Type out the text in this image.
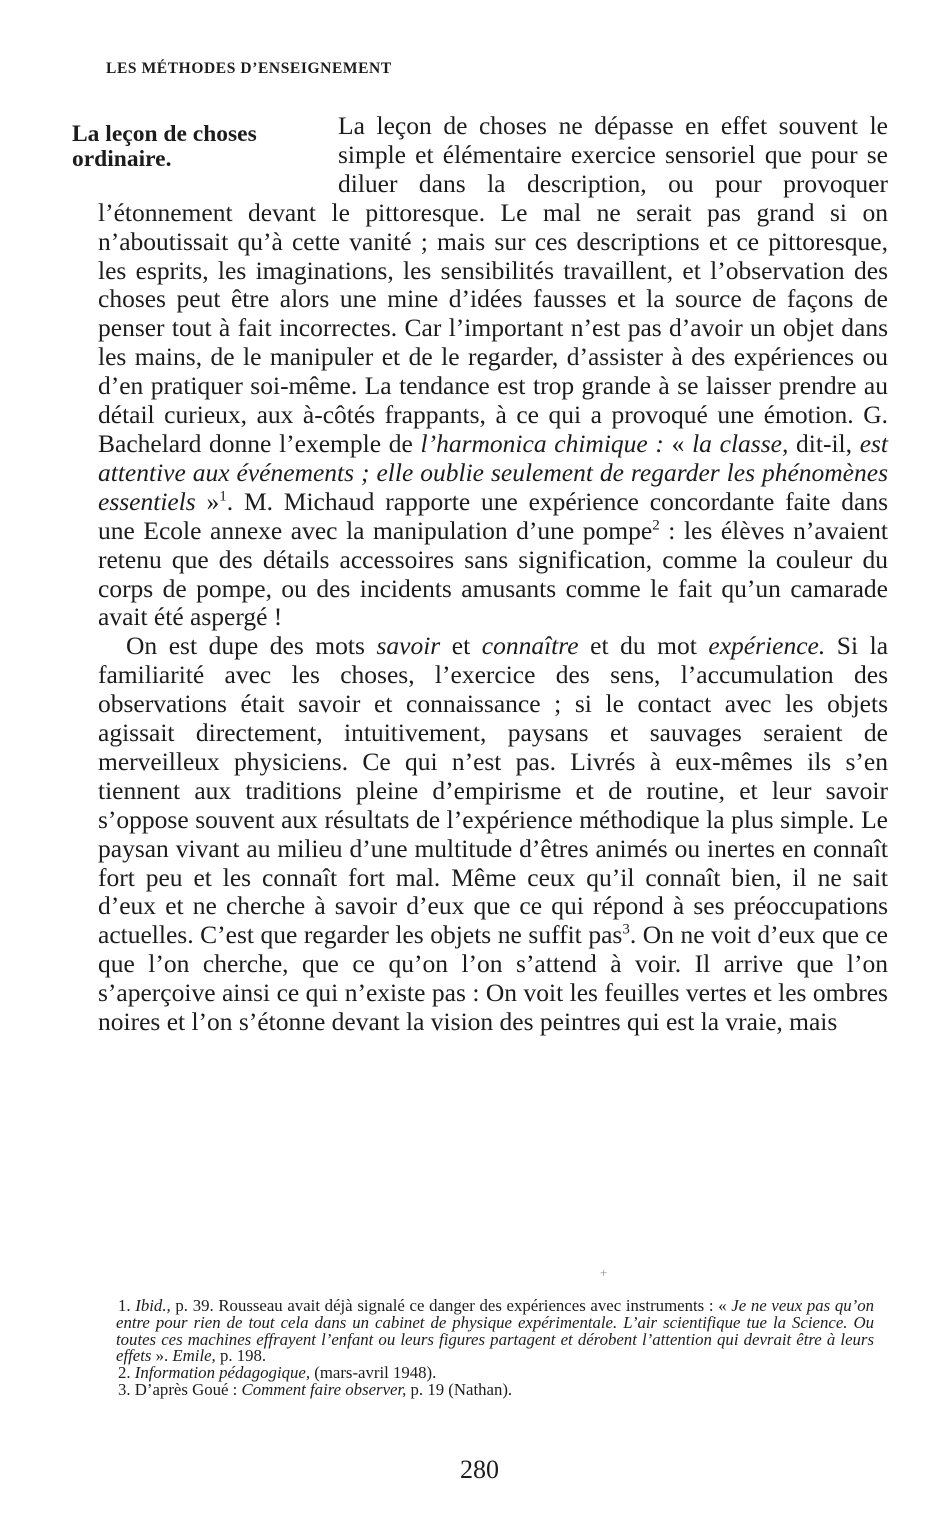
LES MÉTHODES D’ENSEIGNEMENT
La leçon de choses ordinaire.

La leçon de choses ne dépasse en effet souvent le simple et élémentaire exercice sensoriel que pour se diluer dans la description, ou pour provoquer l’étonnement devant le pittoresque. Le mal ne serait pas grand si on n’aboutissait qu’à cette vanité ; mais sur ces descriptions et ce pittoresque, les esprits, les imaginations, les sensibilités travaillent, et l’observation des choses peut être alors une mine d’idées fausses et la source de façons de penser tout à fait incorrectes. Car l’important n’est pas d’avoir un objet dans les mains, de le manipuler et de le regarder, d’assister à des expériences ou d’en pratiquer soi-même. La tendance est trop grande à se laisser prendre au détail curieux, aux à-côtés frappants, à ce qui a provoqué une émotion. G. Bachelard donne l’exemple de l’harmonica chimique : « la classe, dit-il, est attentive aux événements ; elle oublie seulement de regarder les phénomènes essentiels »$^1$. M. Michaud rapporte une expérience concordante faite dans une Ecole annexe avec la manipulation d’une pompe$^2$ : les élèves n’avaient retenu que des détails accessoires sans signification, comme la couleur du corps de pompe, ou des incidents amusants comme le fait qu’un camarade avait été aspergé !

On est dupe des mots savoir et connaître et du mot expérience. Si la familiarité avec les choses, l’exercice des sens, l’accumulation des observations était savoir et connaissance ; si le contact avec les objets agissait directement, intuitivement, paysans et sauvages seraient de merveilleux physiciens. Ce qui n’est pas. Livrés à eux-mêmes ils s’en tiennent aux traditions pleine d’empirisme et de routine, et leur savoir s’oppose souvent aux résultats de l’expérience méthodique la plus simple. Le paysan vivant au milieu d’une multitude d’êtres animés ou inertes en connaît fort peu et les connaît fort mal. Même ceux qu’il connaît bien, il ne sait d’eux et ne cherche à savoir d’eux que ce qui répond à ses préoccupations actuelles. C’est que regarder les objets ne suffit pas$^3$. On ne voit d’eux que ce que l’on cherche, que ce qu’on l’on s’attend à voir. Il arrive que l’on s’aperçoive ainsi ce qui n’existe pas : On voit les feuilles vertes et les ombres noires et l’on s’étonne devant la vision des peintres qui est la vraie, mais

+

1. Ibid., p. 39. Rousseau avait déjà signalé ce danger des expériences avec instruments : « Je ne veux pas qu’on entre pour rien de tout cela dans un cabinet de physique expérimentale. L’air scientifique tue la Science. Ou toutes ces machines effrayent l’enfant ou leurs figures partagent et dérobent l’attention qui devrait être à leurs effets ». Emile, p. 198.

2. Information pédagogique, (mars-avril 1948).

3. D’après Goué : Comment faire observer, p. 19 (Nathan).

280
